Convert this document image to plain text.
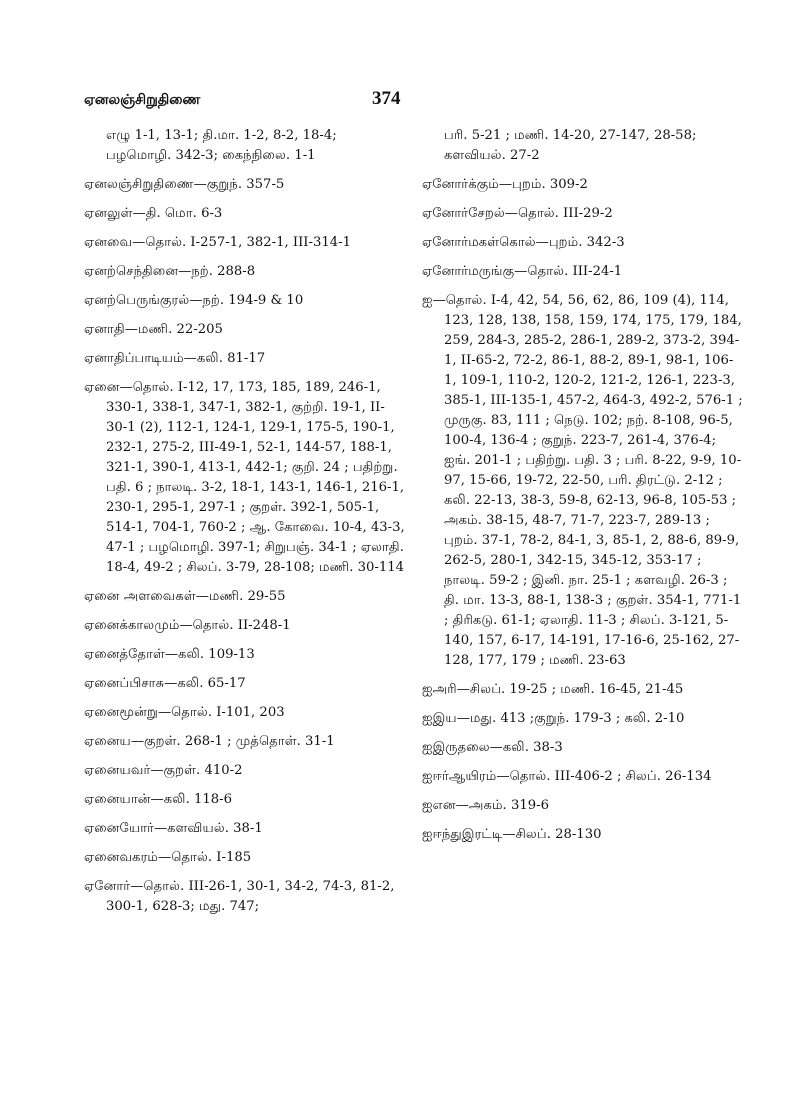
ஏனலஞ்சிறுதிணை	374

எழு 1-1, 13-1; தி.மா. 1-2, 8-2, 18-4; பழமொழி. 342-3; கைந்நிலை. 1-1

ஏனலஞ்சிறுதிணை—குறுந். 357-5

ஏனலுள்—தி. மொ. 6-3

ஏனவை—தொல். I-257-1, 382-1, III-314-1

ஏனற்செந்தினை—நற். 288-8

ஏனற்பெருங்குரல்—நற். 194-9 & 10

ஏனாதி—மணி. 22-205

ஏனாதிப்பாடியம்—கலி. 81-17

ஏனை—தொல். I-12, 17, 173, 185, 189, 246-1, 330-1, 338-1, 347-1, 382-1, குற்றி. 19-1, II-30-1 (2), 112-1, 124-1, 129-1, 175-5, 190-1, 232-1, 275-2, III-49-1, 52-1, 144-57, 188-1, 321-1, 390-1, 413-1, 442-1; குறி. 24 ; பதிற்று. பதி. 6 ; நாலடி. 3-2, 18-1, 143-1, 146-1, 216-1, 230-1, 295-1, 297-1 ; குறள். 392-1, 505-1, 514-1, 704-1, 760-2 ; ஆ. கோவை. 10-4, 43-3, 47-1 ; பழமொழி. 397-1; சிறுபஞ். 34-1 ; ஏலாதி. 18-4, 49-2 ; சிலப். 3-79, 28-108; மணி. 30-114

ஏனை அளவைகள்—மணி. 29-55

ஏனைக்காலமும்—தொல். II-248-1

ஏனைத்தோள்—கலி. 109-13

ஏனைப்பிசாசு—கலி. 65-17

ஏனைமூன்று—தொல். I-101, 203

ஏனைய—குறள். 268-1 ; முத்தொள். 31-1

ஏனையவர்—குறள். 410-2

ஏனையான்—கலி. 118-6

ஏனையோர்—களவியல். 38-1

ஏனைவகரம்—தொல். I-185

ஏனோர்—தொல். III-26-1, 30-1, 34-2, 74-3, 81-2, 300-1, 628-3; மது. 747;

பரி. 5-21 ; மணி. 14-20, 27-147, 28-58; களவியல். 27-2

ஏனோர்க்கும்—புறம். 309-2

ஏனோர்சேறல்—தொல். III-29-2

ஏனோர்மகள்கொல்—புறம். 342-3

ஏனோர்மருங்கு—தொல். III-24-1

ஐ—தொல். I-4, 42, 54, 56, 62, 86, 109 (4), 114, 123, 128, 138, 158, 159, 174, 175, 179, 184, 259, 284-3, 285-2, 286-1, 289-2, 373-2, 394-1, II-65-2, 72-2, 86-1, 88-2, 89-1, 98-1, 106-1, 109-1, 110-2, 120-2, 121-2, 126-1, 223-3, 385-1, III-135-1, 457-2, 464-3, 492-2, 576-1 ; முருகு. 83, 111 ; நெடு. 102; நற். 8-108, 96-5, 100-4, 136-4 ; குறுந். 223-7, 261-4, 376-4; ஐங். 201-1 ; பதிற்று. பதி. 3 ; பரி. 8-22, 9-9, 10-97, 15-66, 19-72, 22-50, பரி. திரட்டு. 2-12 ; கலி. 22-13, 38-3, 59-8, 62-13, 96-8, 105-53 ; அகம். 38-15, 48-7, 71-7, 223-7, 289-13 ; புறம். 37-1, 78-2, 84-1, 3, 85-1, 2, 88-6, 89-9, 262-5, 280-1, 342-15, 345-12, 353-17 ; நாலடி. 59-2 ; இனி. நா. 25-1 ; களவழி. 26-3 ; தி. மா. 13-3, 88-1, 138-3 ; குறள். 354-1, 771-1 ; திரிகடு. 61-1; ஏலாதி. 11-3 ; சிலப். 3-121, 5-140, 157, 6-17, 14-191, 17-16-6, 25-162, 27-128, 177, 179 ; மணி. 23-63

ஐஅரி—சிலப். 19-25 ; மணி. 16-45, 21-45

ஐஇய—மது. 413 ;குறுந். 179-3 ; கலி. 2-10

ஐஇருதலை—கலி. 38-3

ஐஈர்ஆயிரம்—தொல். III-406-2 ; சிலப். 26-134

ஐஎன—அகம். 319-6

ஐஈந்துஇரட்டி—சிலப். 28-130
